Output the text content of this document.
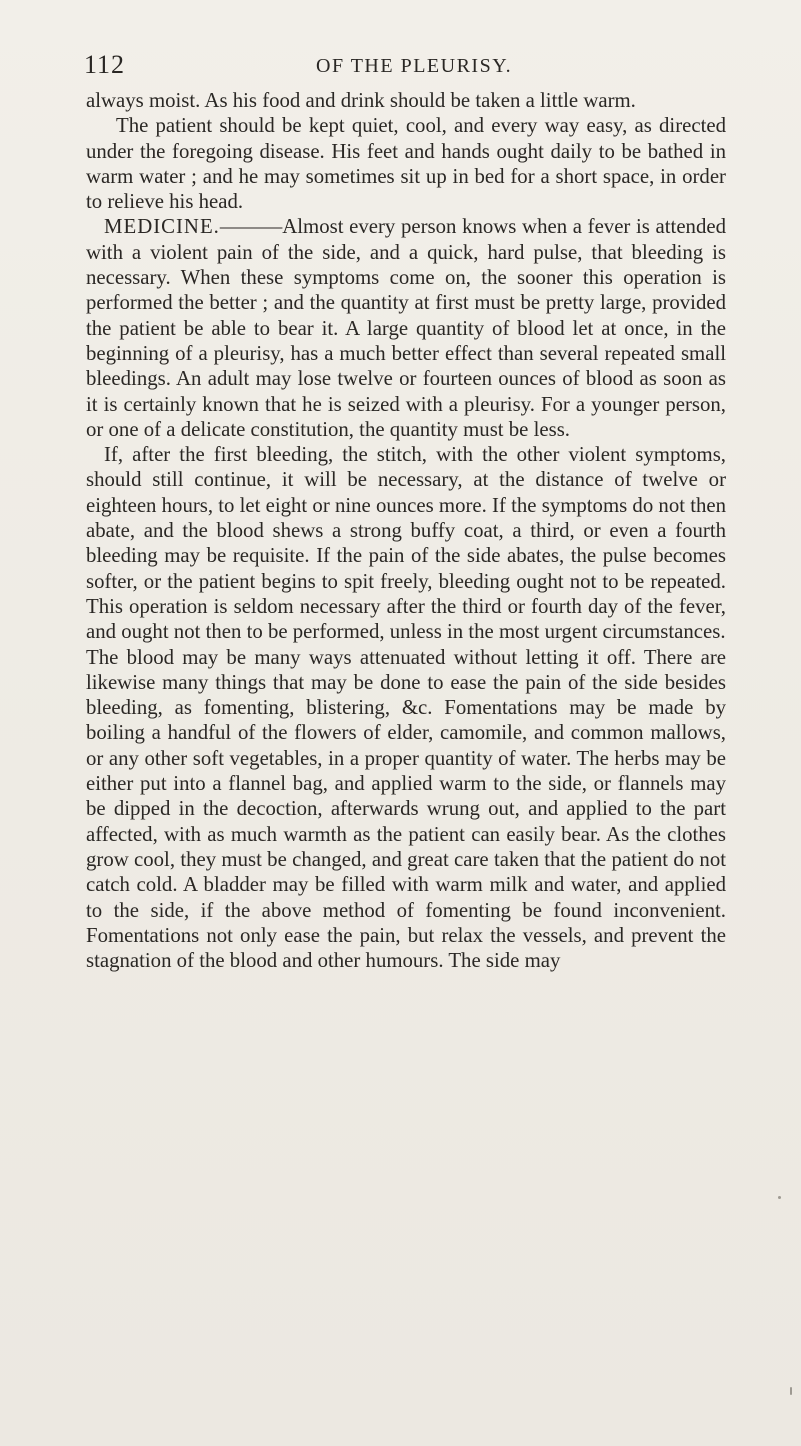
112	OF THE PLEURISY.

always moist. As his food and drink should be taken a little warm.

The patient should be kept quiet, cool, and every way easy, as directed under the foregoing disease. His feet and hands ought daily to be bathed in warm water ; and he may sometimes sit up in bed for a short space, in order to relieve his head.

MEDICINE.———Almost every person knows when a fever is attended with a violent pain of the side, and a quick, hard pulse, that bleeding is necessary. When these symptoms come on, the sooner this operation is performed the better ; and the quantity at first must be pretty large, provided the patient be able to bear it. A large quantity of blood let at once, in the beginning of a pleurisy, has a much better effect than several repeated small bleedings. An adult may lose twelve or fourteen ounces of blood as soon as it is certainly known that he is seized with a pleurisy. For a younger person, or one of a delicate constitution, the quantity must be less.

If, after the first bleeding, the stitch, with the other violent symptoms, should still continue, it will be necessary, at the distance of twelve or eighteen hours, to let eight or nine ounces more. If the symptoms do not then abate, and the blood shews a strong buffy coat, a third, or even a fourth bleeding may be requisite. If the pain of the side abates, the pulse becomes softer, or the patient begins to spit freely, bleeding ought not to be repeated. This operation is seldom necessary after the third or fourth day of the fever, and ought not then to be performed, unless in the most urgent circumstances.

The blood may be many ways attenuated without letting it off. There are likewise many things that may be done to ease the pain of the side besides bleeding, as fomenting, blistering, &c. Fomentations may be made by boiling a handful of the flowers of elder, camomile, and common mallows, or any other soft vegetables, in a proper quantity of water. The herbs may be either put into a flannel bag, and applied warm to the side, or flannels may be dipped in the decoction, afterwards wrung out, and applied to the part affected, with as much warmth as the patient can easily bear. As the clothes grow cool, they must be changed, and great care taken that the patient do not catch cold. A bladder may be filled with warm milk and water, and applied to the side, if the above method of fomenting be found inconvenient. Fomentations not only ease the pain, but relax the vessels, and prevent the stagnation of the blood and other humours. The side may
